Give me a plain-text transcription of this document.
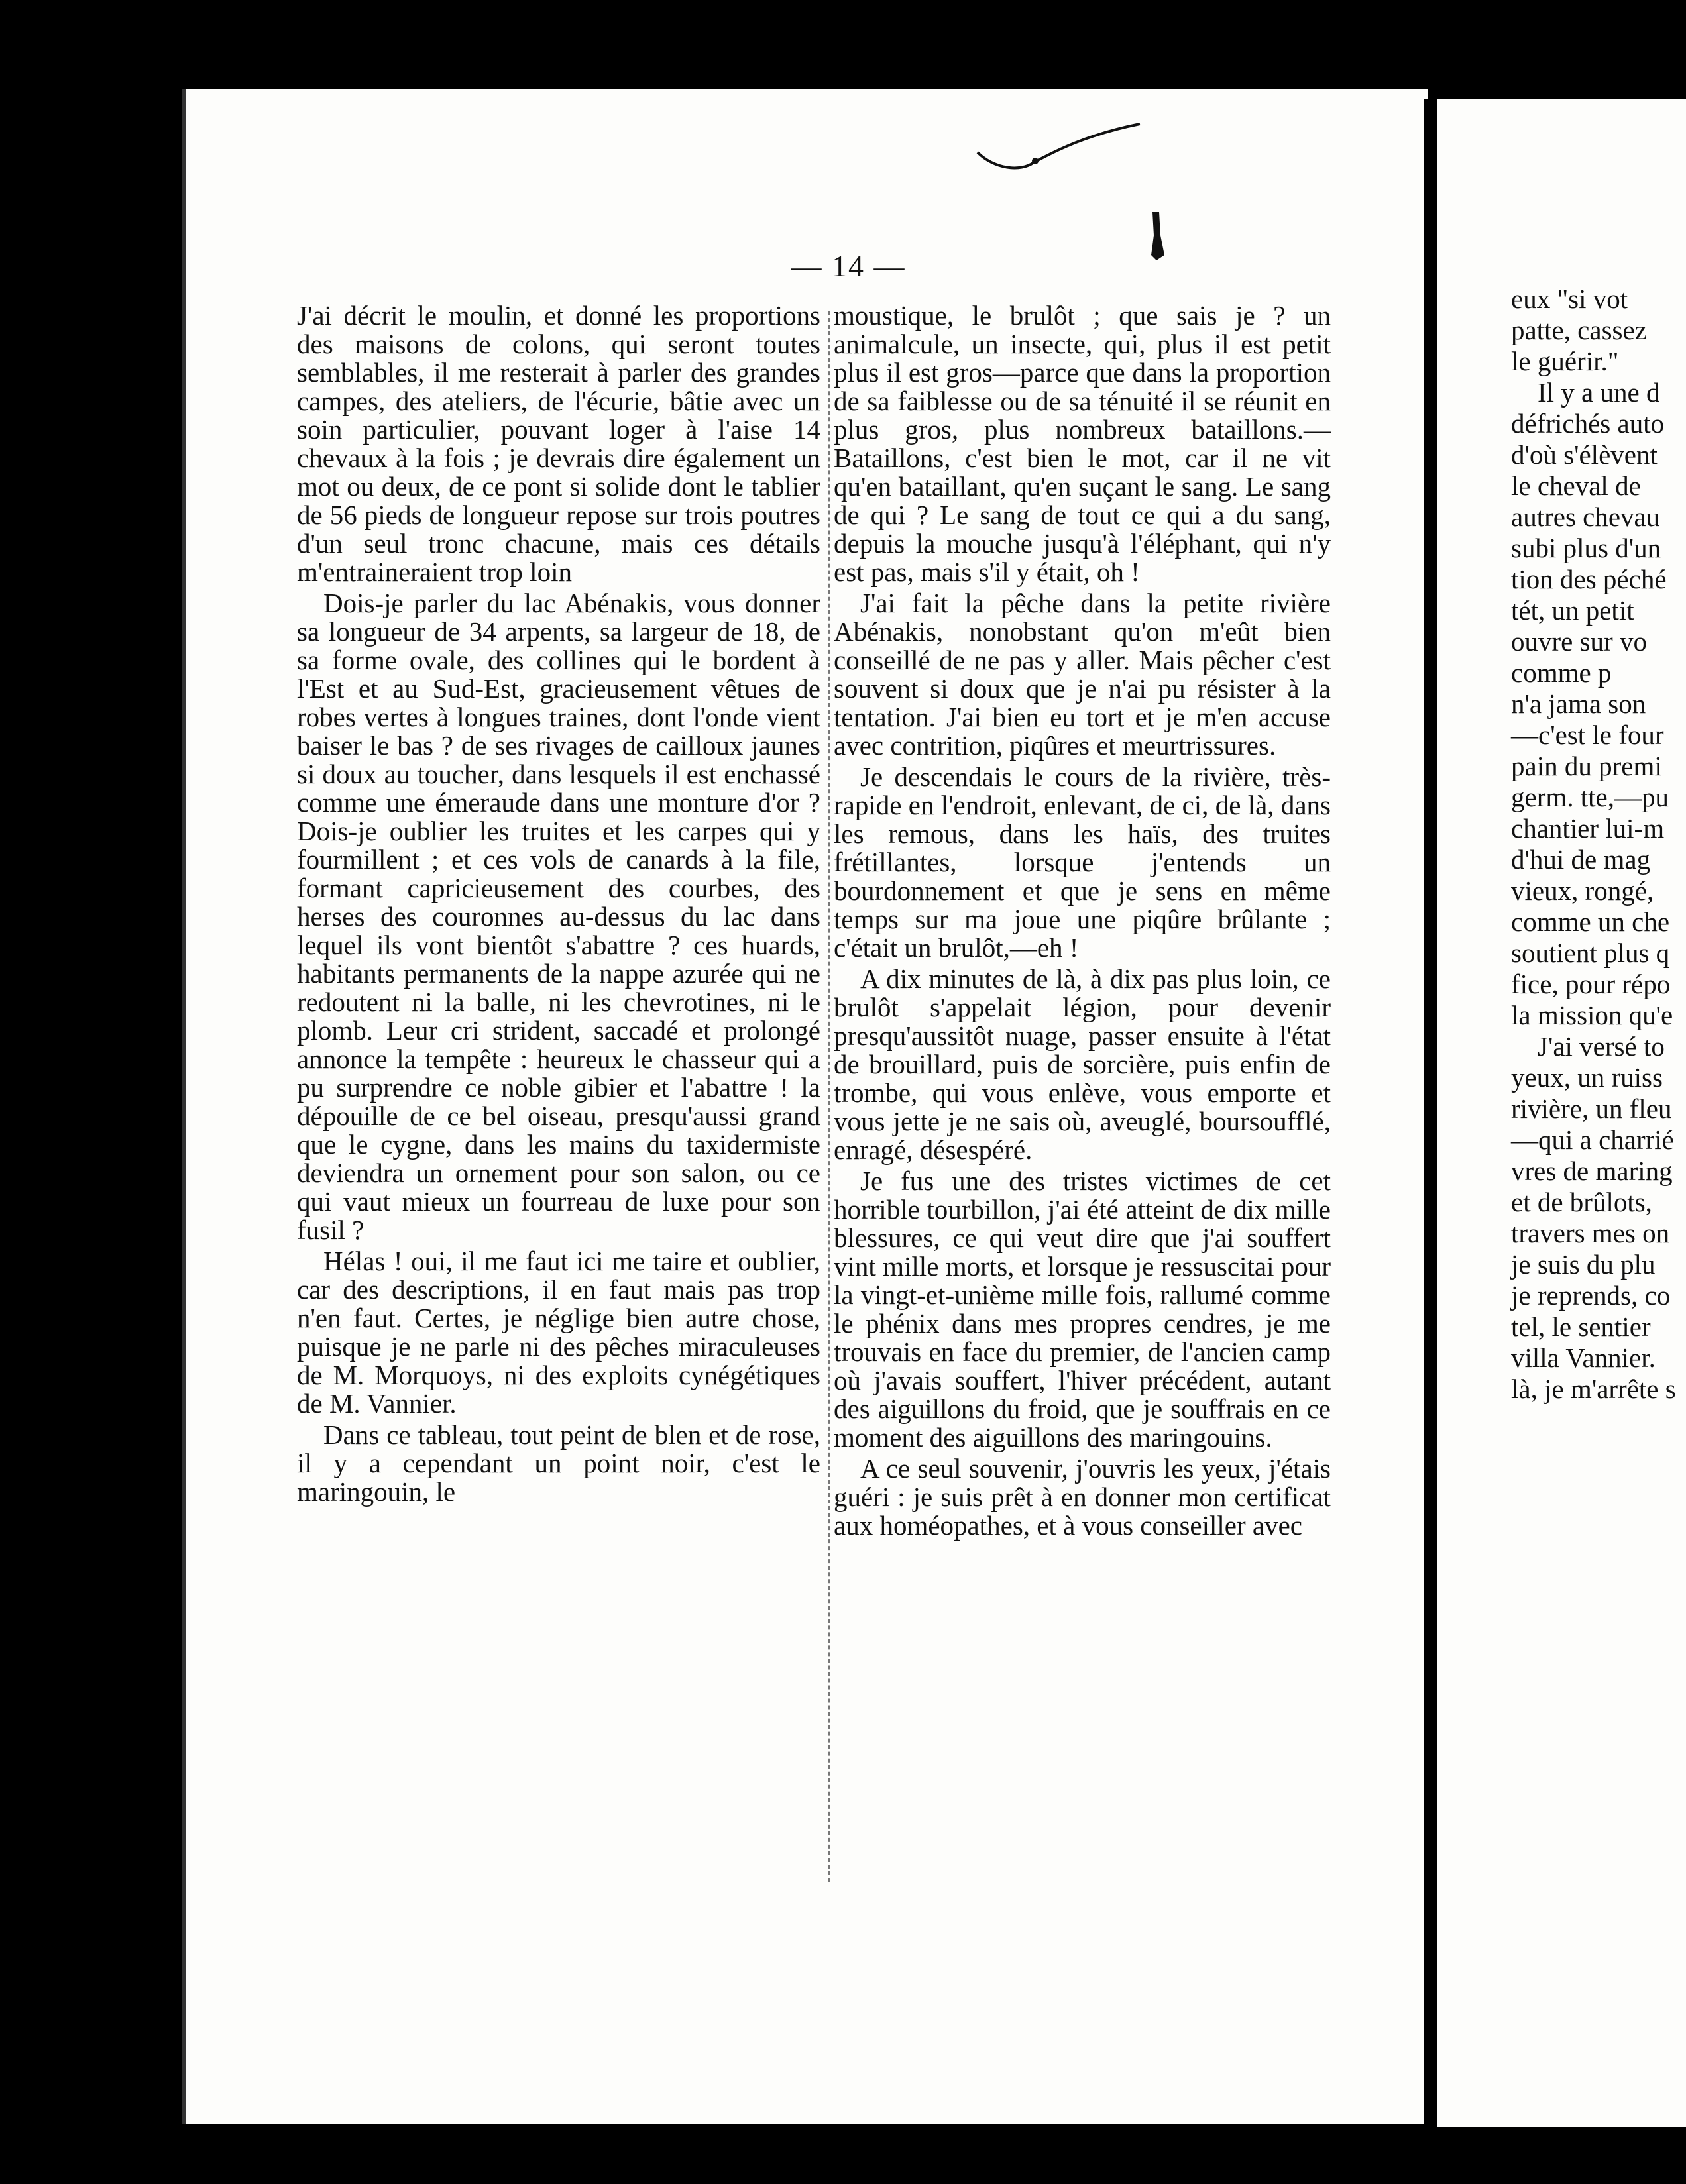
— 14 —

J'ai décrit le moulin, et donné les proportions des maisons de colons, qui seront toutes semblables, il me resterait à parler des grandes campes, des ateliers, de l'écurie, bâtie avec un soin particulier, pouvant loger à l'aise 14 chevaux à la fois ; je devrais dire également un mot ou deux, de ce pont si solide dont le tablier de 56 pieds de longueur repose sur trois poutres d'un seul tronc chacune, mais ces détails m'entraineraient trop loin

Dois-je parler du lac Abénakis, vous donner sa longueur de 34 arpents, sa largeur de 18, de sa forme ovale, des collines qui le bordent à l'Est et au Sud-Est, gracieusement vêtues de robes vertes à longues traines, dont l'onde vient baiser le bas ? de ses rivages de cailloux jaunes si doux au toucher, dans lesquels il est enchassé comme une émeraude dans une monture d'or ? Dois-je oublier les truites et les carpes qui y fourmillent ; et ces vols de canards à la file, formant capricieusement des courbes, des herses des couronnes au-dessus du lac dans lequel ils vont bientôt s'abattre ? ces huards, habitants permanents de la nappe azurée qui ne redoutent ni la balle, ni les chevrotines, ni le plomb. Leur cri strident, saccadé et prolongé annonce la tempête : heureux le chasseur qui a pu surprendre ce noble gibier et l'abattre ! la dépouille de ce bel oiseau, presqu'aussi grand que le cygne, dans les mains du taxidermiste deviendra un ornement pour son salon, ou ce qui vaut mieux un fourreau de luxe pour son fusil ?

Hélas ! oui, il me faut ici me taire et oublier, car des descriptions, il en faut mais pas trop n'en faut. Certes, je néglige bien autre chose, puisque je ne parle ni des pêches miraculeuses de M. Morquoys, ni des exploits cynégétiques de M. Vannier.

Dans ce tableau, tout peint de blen et de rose, il y a cependant un point noir, c'est le maringouin, le

moustique, le brulôt ; que sais je ? un animalcule, un insecte, qui, plus il est petit plus il est gros—parce que dans la proportion de sa faiblesse ou de sa ténuité il se réunit en plus gros, plus nombreux bataillons.—Bataillons, c'est bien le mot, car il ne vit qu'en bataillant, qu'en suçant le sang. Le sang de qui ? Le sang de tout ce qui a du sang, depuis la mouche jusqu'à l'éléphant, qui n'y est pas, mais s'il y était, oh !

J'ai fait la pêche dans la petite rivière Abénakis, nonobstant qu'on m'eût bien conseillé de ne pas y aller. Mais pêcher c'est souvent si doux que je n'ai pu résister à la tentation. J'ai bien eu tort et je m'en accuse avec contrition, piqûres et meurtrissures.

Je descendais le cours de la rivière, très-rapide en l'endroit, enlevant, de ci, de là, dans les remous, dans les haïs, des truites frétillantes, lorsque j'entends un bourdonnement et que je sens en même temps sur ma joue une piqûre brûlante ; c'était un brulôt,—eh !

A dix minutes de là, à dix pas plus loin, ce brulôt s'appelait légion, pour devenir presqu'aussitôt nuage, passer ensuite à l'état de brouillard, puis de sorcière, puis enfin de trombe, qui vous enlève, vous emporte et vous jette je ne sais où, aveuglé, boursoufflé, enragé, désespéré.

Je fus une des tristes victimes de cet horrible tourbillon, j'ai été atteint de dix mille blessures, ce qui veut dire que j'ai souffert vint mille morts, et lorsque je ressuscitai pour la vingt-et-unième mille fois, rallumé comme le phénix dans mes propres cendres, je me trouvais en face du premier, de l'ancien camp où j'avais souffert, l'hiver précédent, autant des aiguillons du froid, que je souffrais en ce moment des aiguillons des maringouins.

A ce seul souvenir, j'ouvris les yeux, j'étais guéri : je suis prêt à en donner mon certificat aux homéopathes, et à vous conseiller avec

eux "si vot

patte, cassez

le guérir."

Il y a une d

défrichés auto

d'où s'élèvent

le cheval de

autres chevau

subi plus d'un

tion des péché

tét, un petit

ouvre sur vo

comme p

n'a jama son

—c'est le four

pain du premi

germ. tte,—pu

chantier lui-m

d'hui de mag

vieux, rongé,

comme un che

soutient plus q

fice, pour répo

la mission qu'e

J'ai versé to

yeux, un ruiss

rivière, un fleu

—qui a charrié

vres de maring

et de brûlots,

travers mes on

je suis du plu

je reprends, co

tel, le sentier

villa Vannier.

là, je m'arrête s
